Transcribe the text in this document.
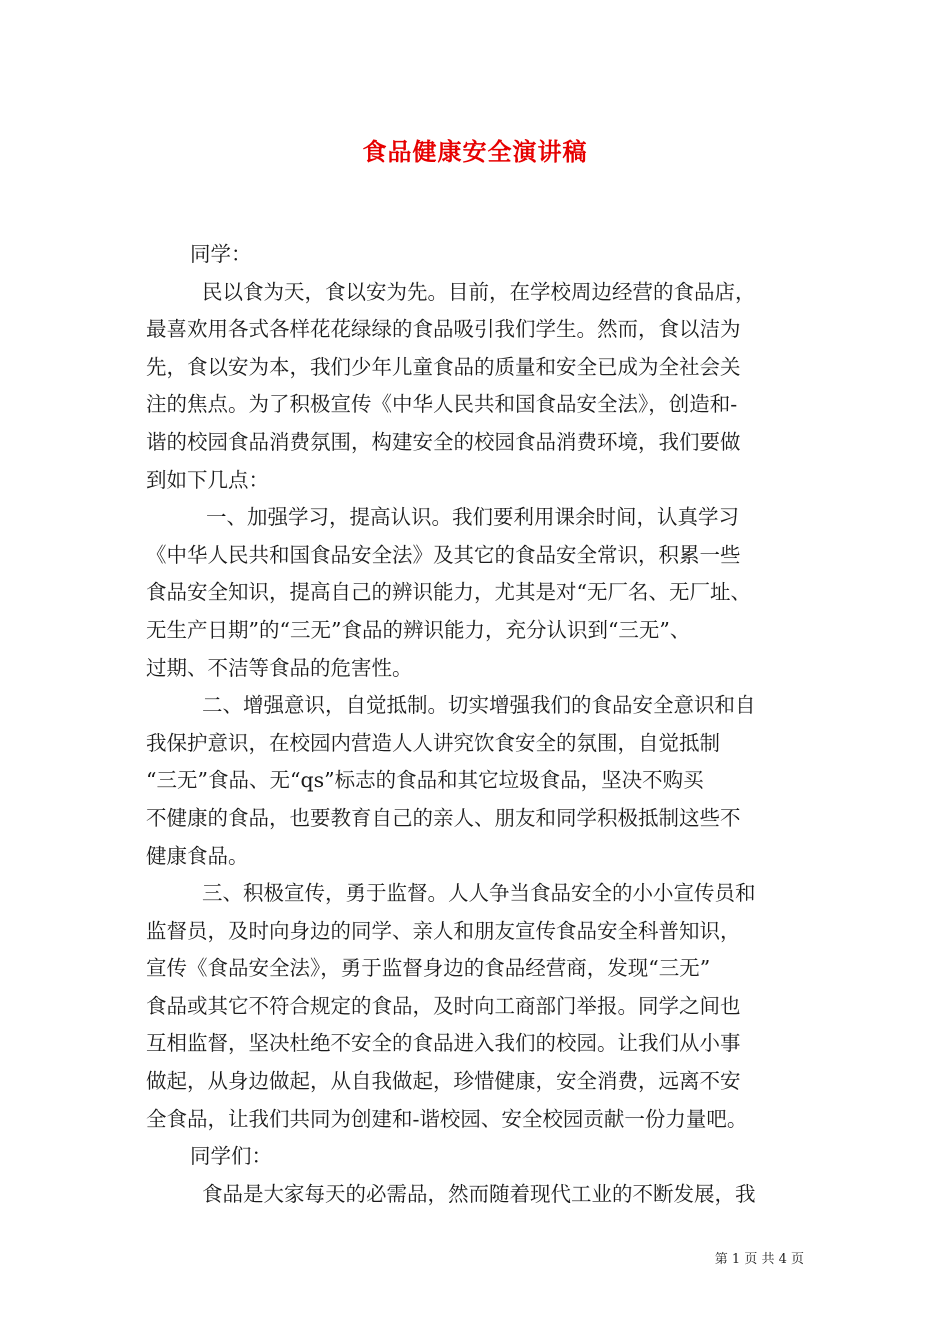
食品健康安全演讲稿
同学：
民以食为天，食以安为先。目前，在学校周边经营的食品店，
最喜欢用各式各样花花绿绿的食品吸引我们学生。然而，食以洁为
先，食以安为本，我们少年儿童食品的质量和安全已成为全社会关
注的焦点。为了积极宣传《中华人民共和国食品安全法》，创造和-
谐的校园食品消费氛围，构建安全的校园食品消费环境，我们要做
到如下几点：
一、加强学习，提高认识。我们要利用课余时间，认真学习
《中华人民共和国食品安全法》及其它的食品安全常识，积累一些
食品安全知识，提高自己的辨识能力，尤其是对“无厂名、无厂址、
无生产日期”的“三无”食品的辨识能力，充分认识到“三无”、
过期、不洁等食品的危害性。
二、增强意识，自觉抵制。切实增强我们的食品安全意识和自
我保护意识，在校园内营造人人讲究饮食安全的氛围，自觉抵制
“三无”食品、无“qs”标志的食品和其它垃圾食品，坚决不购买
不健康的食品，也要教育自己的亲人、朋友和同学积极抵制这些不
健康食品。
三、积极宣传，勇于监督。人人争当食品安全的小小宣传员和
监督员，及时向身边的同学、亲人和朋友宣传食品安全科普知识，
宣传《食品安全法》，勇于监督身边的食品经营商，发现“三无”
食品或其它不符合规定的食品，及时向工商部门举报。同学之间也
互相监督，坚决杜绝不安全的食品进入我们的校园。让我们从小事
做起，从身边做起，从自我做起，珍惜健康，安全消费，远离不安
全食品，让我们共同为创建和-谐校园、安全校园贡献一份力量吧。
同学们：
食品是大家每天的必需品，然而随着现代工业的不断发展，我
第 1 页 共 4 页
